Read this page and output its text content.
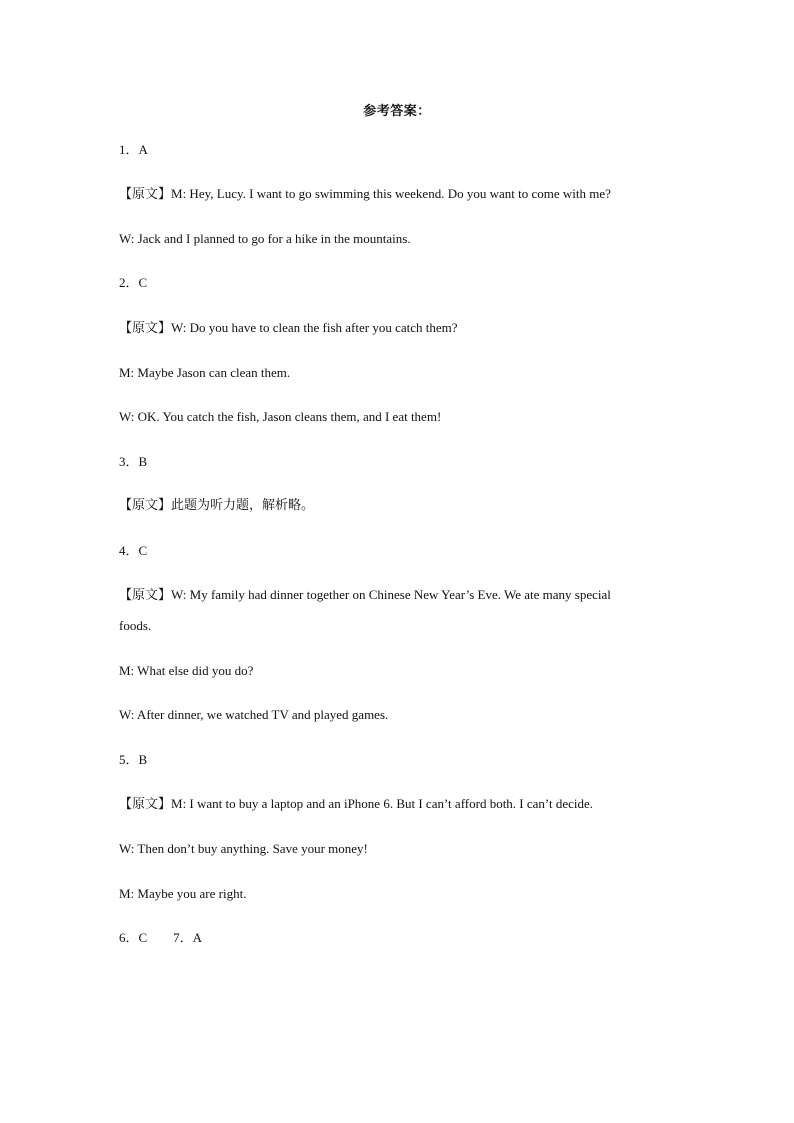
参考答案：
1．A
【原文】M: Hey, Lucy. I want to go swimming this weekend. Do you want to come with me?
W: Jack and I planned to go for a hike in the mountains.
2．C
【原文】W: Do you have to clean the fish after you catch them?
M: Maybe Jason can clean them.
W: OK. You catch the fish, Jason cleans them, and I eat them!
3．B
【原文】此题为听力题，解析略。
4．C
【原文】W: My family had dinner together on Chinese New Year’s Eve. We ate many special
foods.
M: What else did you do?
W: After dinner, we watched TV and played games.
5．B
【原文】M: I want to buy a laptop and an iPhone 6. But I can’t afford both. I can’t decide.
W: Then don’t buy anything. Save your money!
M: Maybe you are right.
6．C 7．A
